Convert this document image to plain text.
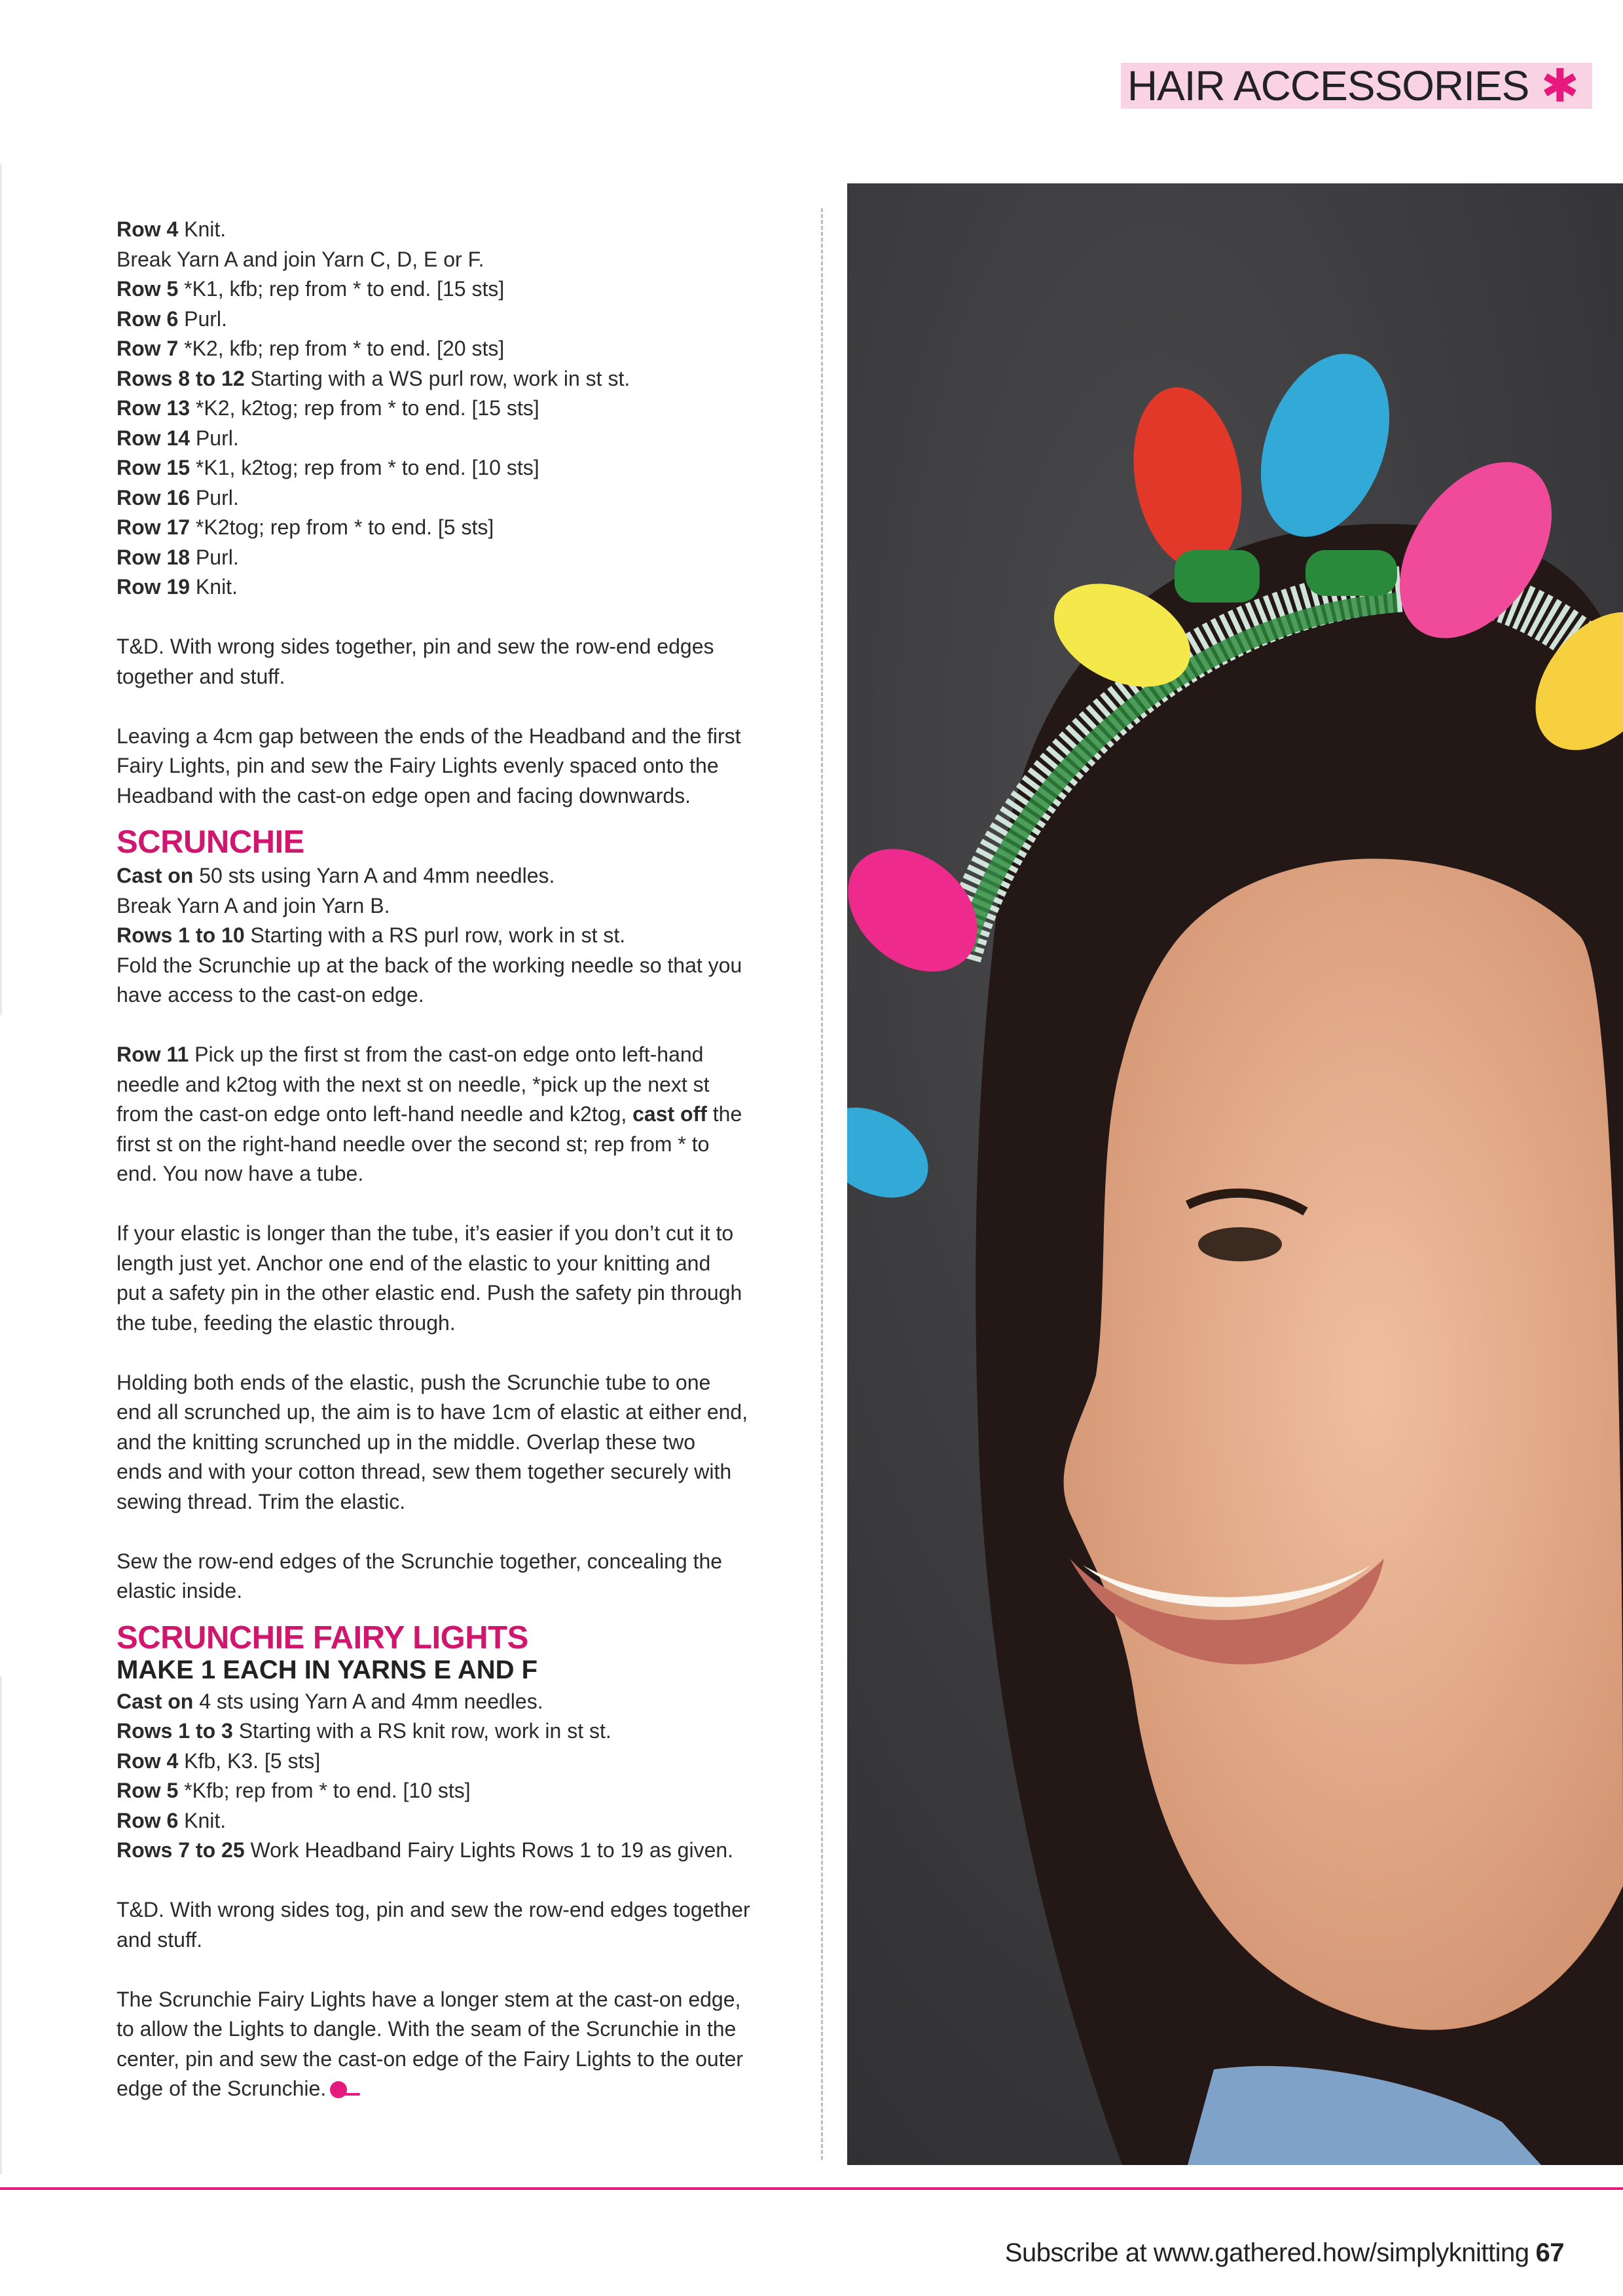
HAIR ACCESSORIES ✱

Row 4 Knit.

Break Yarn A and join Yarn C, D, E or F.

Row 5 *K1, kfb; rep from * to end. [15 sts]

Row 6 Purl.

Row 7 *K2, kfb; rep from * to end. [20 sts]

Rows 8 to 12 Starting with a WS purl row, work in st st.

Row 13 *K2, k2tog; rep from * to end. [15 sts]

Row 14 Purl.

Row 15 *K1, k2tog; rep from * to end. [10 sts]

Row 16 Purl.

Row 17 *K2tog; rep from * to end. [5 sts]

Row 18 Purl.

Row 19 Knit.

T&D. With wrong sides together, pin and sew the row-end edges

together and stuff.

Leaving a 4cm gap between the ends of the Headband and the first

Fairy Lights, pin and sew the Fairy Lights evenly spaced onto the

Headband with the cast-on edge open and facing downwards.

SCRUNCHIE

Cast on 50 sts using Yarn A and 4mm needles.

Break Yarn A and join Yarn B.

Rows 1 to 10 Starting with a RS purl row, work in st st.

Fold the Scrunchie up at the back of the working needle so that you

have access to the cast-on edge.

Row 11 Pick up the first st from the cast-on edge onto left-hand

needle and k2tog with the next st on needle, *pick up the next st

from the cast-on edge onto left-hand needle and k2tog, cast off the

first st on the right-hand needle over the second st; rep from * to

end. You now have a tube.

If your elastic is longer than the tube, it’s easier if you don’t cut it to

length just yet. Anchor one end of the elastic to your knitting and

put a safety pin in the other elastic end. Push the safety pin through

the tube, feeding the elastic through.

Holding both ends of the elastic, push the Scrunchie tube to one

end all scrunched up, the aim is to have 1cm of elastic at either end,

and the knitting scrunched up in the middle. Overlap these two

ends and with your cotton thread, sew them together securely with

sewing thread. Trim the elastic.

Sew the row-end edges of the Scrunchie together, concealing the

elastic inside.

SCRUNCHIE FAIRY LIGHTS
MAKE 1 EACH IN YARNS E AND F

Cast on 4 sts using Yarn A and 4mm needles.

Rows 1 to 3 Starting with a RS knit row, work in st st.

Row 4 Kfb, K3. [5 sts]

Row 5 *Kfb; rep from * to end. [10 sts]

Row 6 Knit.

Rows 7 to 25 Work Headband Fairy Lights Rows 1 to 19 as given.

T&D. With wrong sides tog, pin and sew the row-end edges together

and stuff.

The Scrunchie Fairy Lights have a longer stem at the cast-on edge,

to allow the Lights to dangle. With the seam of the Scrunchie in the

center, pin and sew the cast-on edge of the Fairy Lights to the outer

edge of the Scrunchie.

Subscribe at www.gathered.how/simplyknitting 67
